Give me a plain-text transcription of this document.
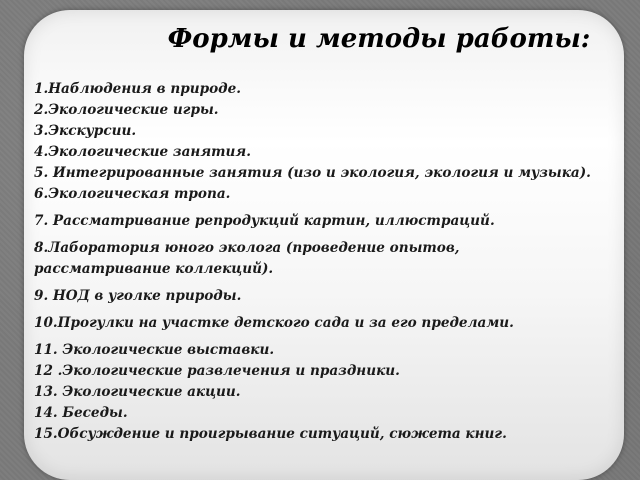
Формы и методы работы:
1.Наблюдения в природе.
2.Экологические игры.
3.Экскурсии.
4.Экологические занятия.
5. Интегрированные занятия (изо и экология, экология и музыка).
6.Экологическая тропа.
7. Рассматривание репродукций картин, иллюстраций.
8.Лаборатория юного эколога (проведение опытов, рассматривание коллекций).
9. НОД в уголке природы.
10.Прогулки на участке детского сада и за его пределами.
11. Экологические выставки.
12 .Экологические развлечения и праздники.
13. Экологические акции.
14. Беседы.
15.Обсуждение и проигрывание ситуаций, сюжета книг.
